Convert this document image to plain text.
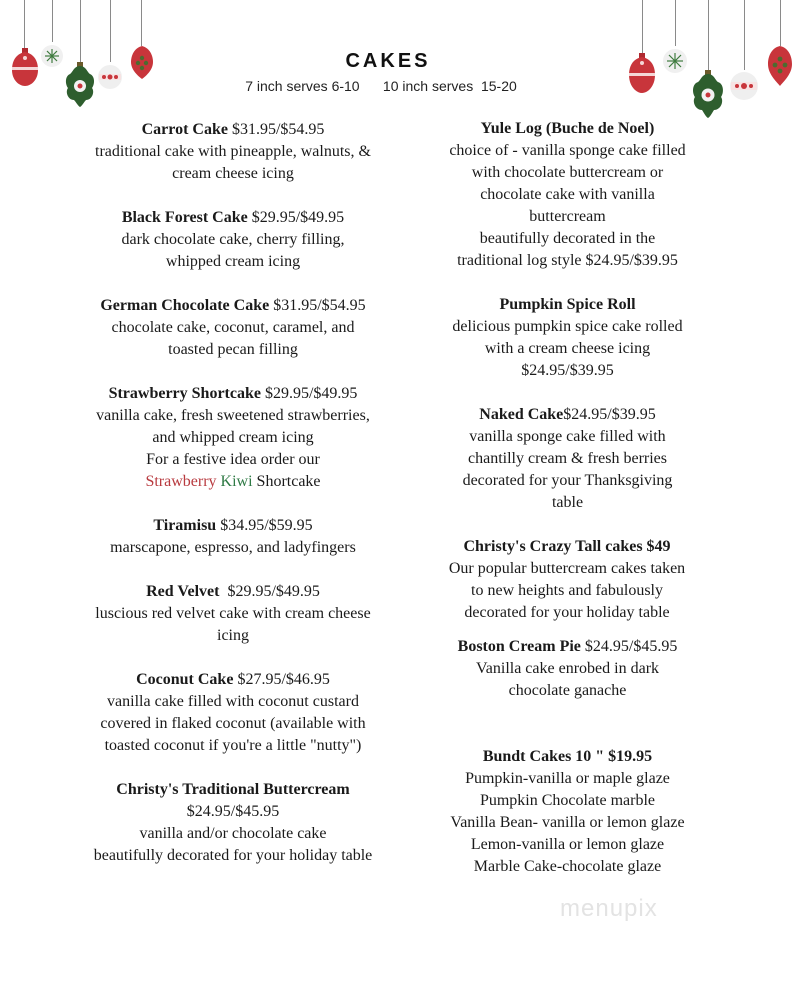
CAKES
7 inch serves 6-10      10 inch serves  15-20
Carrot Cake $31.95/$54.95
traditional cake with pineapple, walnuts, &
cream cheese icing
Black Forest Cake $29.95/$49.95
dark chocolate cake, cherry filling,
whipped cream icing
German Chocolate Cake $31.95/$54.95
chocolate cake, coconut, caramel, and
toasted pecan filling
Strawberry Shortcake $29.95/$49.95
vanilla cake, fresh sweetened strawberries,
and whipped cream icing
For a festive idea order our
Strawberry Kiwi Shortcake
Tiramisu $34.95/$59.95
marscapone, espresso, and ladyfingers
Red Velvet  $29.95/$49.95
luscious red velvet cake with cream cheese
icing
Coconut Cake $27.95/$46.95
vanilla cake filled with coconut custard
covered in flaked coconut (available with
toasted coconut if you're a little "nutty")
Christy's Traditional Buttercream
$24.95/$45.95
vanilla and/or chocolate cake
beautifully decorated for your holiday table
Yule Log (Buche de Noel)
choice of - vanilla sponge cake filled
with chocolate buttercream or
chocolate cake with vanilla
buttercream
beautifully decorated in the
traditional log style $24.95/$39.95
Pumpkin Spice Roll
delicious pumpkin spice cake rolled
with a cream cheese icing
$24.95/$39.95
Naked Cake$24.95/$39.95
vanilla sponge cake filled with
chantilly cream & fresh berries
decorated for your Thanksgiving
table
Christy's Crazy Tall cakes $49
Our popular buttercream cakes taken
to new heights and fabulously
decorated for your holiday table
Boston Cream Pie $24.95/$45.95
Vanilla cake enrobed in dark
chocolate ganache
Bundt Cakes 10 " $19.95
Pumpkin-vanilla or maple glaze
Pumpkin Chocolate marble
Vanilla Bean- vanilla or lemon glaze
Lemon-vanilla or lemon glaze
Marble Cake-chocolate glaze
menupix
